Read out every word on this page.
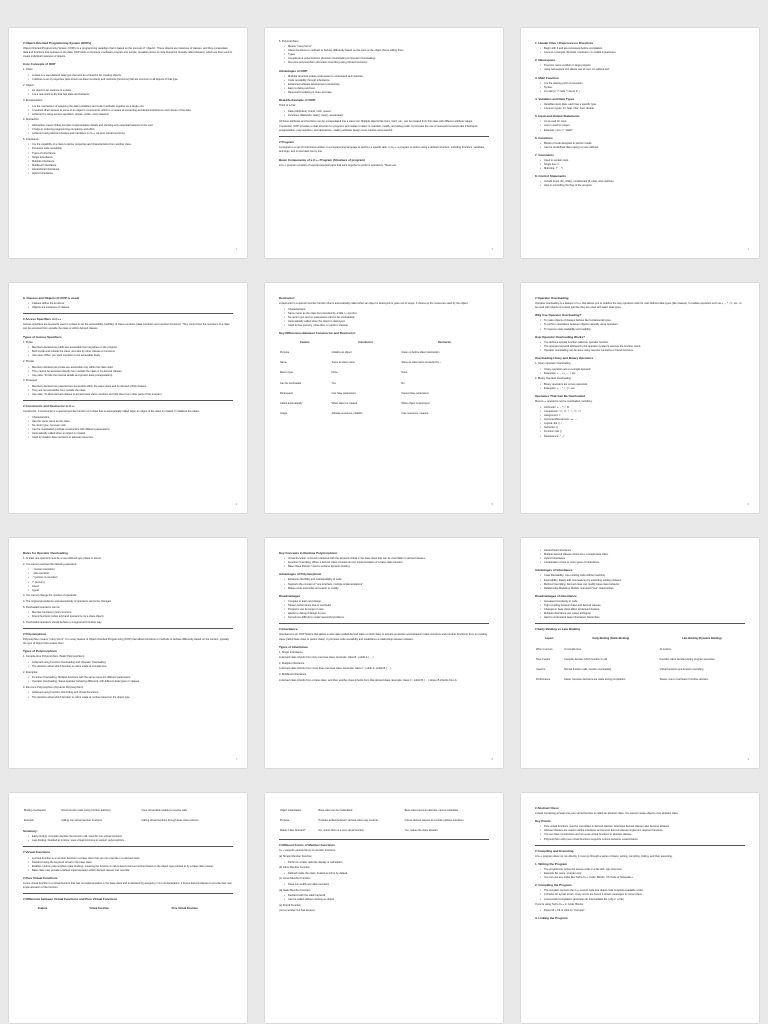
# Object-Oriented Programming System (OOPs)
Object-Oriented Programming System (OOPs) is a programming paradigm that is based on the concept of "objects". These objects are instances of classes, and they encapsulate data and functions that operate on the data. OOP helps to structure a software program into simple, reusable pieces of code blueprints (usually called classes), which are then used to create individual instances of objects.
Core Concepts of OOP
1. Class:
• A class is a user-defined data type that acts as a blueprint for creating objects.
• It defines a set of properties (also known as data members) and methods (functions) that are common to all objects of that type.
2. Object:
• An object is an instance of a class.
• It is a real-world entity that has state and behavior.
3. Encapsulation:
• It is the mechanism of wrapping the data (variables) and code (methods) together as a single unit.
• It restricts direct access to some of an object's components, which is a means of preventing accidental interference and misuse of the data.
• Achieved by using access specifiers: private, public, and protected.
4. Abstraction:
• Abstraction means hiding complex implementation details and showing only essential features to the user.
• It helps in reducing programming complexity and effort.
• Achieved using abstract classes and interfaces (in C++ via pure virtual functions).
5. Inheritance:
• It is the capability of a class to derive properties and characteristics from another class.
• Promotes code reusability.
• Types of Inheritance:
• Single Inheritance
• Multiple Inheritance
• Multilevel Inheritance
• Hierarchical Inheritance
• Hybrid Inheritance
1
6. Polymorphism:
• Means "many forms".
• Allows functions or methods to behave differently based on the input or the object that is calling them.
• Types:
• Compile-time polymorphism (Function Overloading & Operator Overloading)
• Run-time polymorphism (Function Overriding using Virtual Functions)
Advantages of OOP:
• Modular structure makes code easier to understand and maintain.
• Code reusability through inheritance.
• Enhanced software development productivity.
• Easy to debug and test.
• Real-world modeling is more accurate.
Real-life Example of OOP:
Think of a Car:
• Data (Attributes): brand, color, speed
• Functions (Methods): start(), stop(), accelerate()
All these attributes and functions can be encapsulated into a class Car. Multiple objects like Car1, Car2, etc., can be created from this class with different attribute values.
Conclusion: OOP provides a clear structure for programs and makes it easier to maintain, modify, and debug code. It promotes the use of real-world concepts like inheritance, encapsulation, polymorphism, and abstraction, making software design more intuitive and powerful.
# Program
A program is a set of instructions written in a programming language to perform a specific task. In C++, a program is written using a defined structure, including functions, variables, and logic, and is executed line by line.
Basic Components of a C++ Program (Structure of program)
A C++ program consists of several essential parts that work together to perform operations. These are:
2
1. Header Files / Preprocessor Directives
• Begin with # and are processed before compilation.
• Common example: #include <iostream> to enable input/output.
2. Namespace
• Prevents name conflicts in large projects.
• using namespace std; allows use of cout, cin without std::.
3. Main Function
• It is the starting point of execution.
• Syntax:
• int main() { /* code */ return 0; }
4. Variables and Data Types
• Variables store data, each has a specific type.
• Common types: int, float, char, bool, double
5. Input and Output Statements
• cin is used for input
• cout is used for output
• Example: cout << "Hello";
6. Functions
• Blocks of code designed to perform tasks.
• Can be predefined (like main()) or user-defined.
7. Comments
• Used to explain code.
• Single line: //
• Multi-line: /* ... */
8. Control Statements
• Include loops (for, while), conditionals (if, else), and switches.
• Help in controlling the flow of the program.
3
9. Classes and Objects (if OOP is used)
• Classes define the structure.
• Objects are instances of classes.
# Access Specifiers in C++
Access specifiers are keywords used in a class to set the accessibility (visibility) of class members (data members and member functions). They control how the members of a class can be accessed from outside the class or within derived classes.
Types of Access Specifiers
1. Public
• Members declared as public are accessible from anywhere in the program.
• Both inside and outside the class, and also by other classes or functions.
• Use case: When you want members to be accessible freely.
2. Private
• Members declared as private are accessible only within the class itself.
• They cannot be accessed directly from outside the class or by derived classes.
• Use case: To hide the internal details and protect data (encapsulation).
3. Protected
• Members declared as protected are accessible within the same class and by derived (child) classes.
• They are not accessible from outside the class.
• Use case: To allow derived classes to access base class members but hide them from other parts of the program.
# Constructor and Destructor in C++
Constructor: A constructor is a special member function of a class that is automatically called when an object of the class is created. It initializes the object.
• Characteristics:
• Has the same name as the class.
• No return type, not even void.
• Can be overloaded (multiple constructors with different parameters).
• Automatically called when an object is created.
• Used to initialize data members or allocate resources.
4
Destructor:
A destructor is a special member function that is automatically called when an object is destroyed or goes out of scope. It cleans up the resources used by the object.
• Characteristics:
• Same name as the class but preceded by a tilde (~) symbol.
• No return type and no parameters (cannot be overloaded).
• Automatically called when the object is destroyed.
• Used to free memory, close files, or perform cleanup.
Key Differences Between Constructor and Destructor:
Feature	Constructor	Destructor
Purpose	Initialize an object	Clean up before object destruction
Name	Same as class name	Same as class name preceded by ~
Return type	None	None
Can be overloaded	Yes	No
Parameters	Can have parameters	Cannot have parameters
Called automatically	When object is created	When object is destroyed
Usage	Allocate resources, initialize	Free resources, cleanup
5
# Operator Overloading
Operator overloading is a feature in C++ that allows you to redefine the way operators work for user-defined data types (like classes). It enables operators such as +, -, *, ==, etc., to be used with objects of a class just like they are used with basic data types.
Why Use Operator Overloading?
• To make objects of classes behave like fundamental types.
• To perform operations between objects naturally using operators.
• To improve code readability and usability.
How Operator Overloading Works?
• You define a special function called an operator function.
• The operator keyword followed by the operator symbol is used as the function name.
• Operator overloading can be done using member functions or friend functions.
Overloading Unary and Binary Operators
1. Unary Operator Overloading
• Unary operators act on a single operand.
• Examples: +, -, ++, --, !, etc.
2. Binary Operator Overloading
• Binary operators act on two operands.
• Examples: +, -, *, /, ==, etc.
Operators That Can Be Overloaded
Most C++ operators can be overloaded, including:
• Arithmetic: +, -, *, /, %
• Comparison: ==, !=, <, >, <=, >=
• Assignment: =
• Increment/Decrement: ++, --
• Logical: &&, ||, !
• Subscript: []
• Function call: ()
• Dereference: *, ->
6
Rules for Operator Overloading
1. At least one operand must be a user-defined type (class or struct).
2. You cannot overload the following operators:
• :: (scope resolution)
• . (dot operator)
• .* (pointer-to-member)
• ?: (ternary)
• sizeof
• typeid
3. You cannot change the number of operands.
4. The original precedence and associativity of operators cannot be changed.
5. Overloaded operators can be:
• Member functions (most common)
• Friend functions (when left-hand operand is not a class object)
6. Overloaded operators should behave in a logical and intuitive way.
# Polymorphism
Polymorphism means "many forms". It is a key feature of Object-Oriented Programming (OOP) that allows functions or methods to behave differently based on the context, typically the type of object that invokes them.
Types of Polymorphism
1. Compile-time Polymorphism (Static Polymorphism)
• Achieved using Function Overloading and Operator Overloading.
• The decision about which function to call is made at compile time.
2. Examples:
• Function Overloading: Multiple functions with the same name but different parameters.
• Operator Overloading: Same operator behaving differently with different data types or classes.
3. Run-time Polymorphism (Dynamic Polymorphism)
• Achieved using Function Overriding with Virtual Functions.
• The decision about which function to call is made at runtime based on the object type.
7
Key Concepts in Runtime Polymorphism:
• Virtual Function: A function declared with the keyword virtual in the base class that can be overridden in derived classes.
• Function Overriding: When a derived class provides its own implementation of a base class function.
• Base Class Pointer: Used to achieve dynamic binding.
Advantages of Polymorphism
• Enhances flexibility and maintainability of code.
• Supports the concept of "one interface, multiple implementations".
• Makes code extensible and easier to modify.
Disadvantages
• Complex to learn and design.
• Slower performance due to overhead.
• Programs can be longer in size.
• Harder to debug if design is poor.
• Sometimes difficult to model real-world problems.
# Inheritance
Inheritance is an OOP feature that allows a new class (called derived class or child class) to acquire properties and behaviors (data members and member functions) from an existing class (called base class or parent class). It promotes code reusability and establishes a relationship between classes.
Types of Inheritance
1. Single Inheritance
A derived class inherits from only one base class. Example: class B : public A { ... }
2. Multiple Inheritance
A derived class inherits from more than one base class. Example: class C : public A, public B { ... }
3. Multilevel Inheritance
A derived class inherits from a base class, and then another class inherits from that derived class. Example: class C : public B { ... } where B inherits from A.
8
• Hierarchical Inheritance
• Multiple derived classes inherit from a single base class.
• Hybrid Inheritance
• Combination of two or more types of inheritance.
Advantages of Inheritance
• Code Reusability: Use existing code without rewriting.
• Extensibility: Easily add new features by extending existing classes.
• Method Overriding: Derived class can modify base class behavior.
• Relationship Modeling: Models real-world "is-a" relationships.
Disadvantages of Inheritance
• Increased complexity in code.
• Tight coupling between base and derived classes.
• Changes in base class affect all derived classes.
• Multiple inheritance can cause ambiguity.
• Hard to understand deep inheritance hierarchies.
# Early Binding vs Late Binding
Aspect	Early Binding (Static Binding)	Late Binding (Dynamic Binding)
When it occurs	At compile time	At runtime
How it works	Compiler decides which function to call	Function call is decided during program execution
Used for	Normal function calls, function overloading	Virtual functions and function overriding
Performance	Faster, because decisions are made during compilation	Slower, due to overhead of runtime decision
9
Binding mechanism	Direct function calls (using function address)	Uses virtual table (vtable) to resolve calls
Example	Calling non-virtual member functions	Calling virtual functions through base class pointers
Summary:
• Early binding: Compiler decides the function call; used for non-virtual functions.
• Late binding: Decided at runtime; uses virtual functions to support polymorphism.
# Virtual Functions
• A virtual function is a member function in a base class that you can override in a derived class.
• Declared using the keyword virtual in the base class.
• Enables runtime polymorphism (late binding), meaning the function to call is determined at runtime based on the object type pointed to by a base class pointer.
• Base class may provide a default implementation which derived classes can override.
# Pure Virtual Functions
A pure virtual function is a virtual function that has no implementation in the base class and is declared by assigning = 0 in its declaration. It forces derived classes to provide their own implementation of the function.
# Difference between Virtual Functions and Pure Virtual Functions
Feature	Virtual Function	Pure Virtual Function
Object instantiation	Base class can be instantiated	Base class becomes abstract; cannot instantiate
Purpose	Provides default behavior; derived class may override	Forces derived classes to override (defines interface)
Makes Class Abstract?	No, unless there is a pure virtual function	Yes, makes the class abstract
# Different Forms of Member Functions
C++ supports various forms of member functions:
(a) Simple Member Function
• Performs a basic task like display or calculation.
(b) Inline Member Function
• Defined inside the class; treated as inline by default.
(c) Const Member Function
• Does not modify any data members.
(d) Static Member Function
• Declared with the static keyword.
• Can be called without creating an object.
(e) Friend Function
(not a member but has access)
# Abstract Class:
A class containing at least one pure virtual function is called an abstract class. You cannot create objects of an abstract class.
Key Points:
• Pure virtual functions must be overridden in derived classes, otherwise derived classes also become abstract.
• Abstract classes are used to define interfaces and ensure derived classes implement required functions.
• You can have constructors and non-pure virtual functions in abstract classes.
• Polymorphism with pure virtual functions supports runtime behavior customization.
# Compiling and Executing
A C++ program does not run directly. It must go through a series of steps: writing, compiling, linking, and then executing.
1. Writing the Program
• The programmer writes the source code in a file with .cpp extension.
• Example file name: program.cpp
• You can use any editor like Turbo C++, Code::Blocks, VS Code or Notepad++.
2. Compiling the Program
• The compiler converts the C++ source code into object code (machine-readable code).
• It checks for syntax errors. If any errors are found, it shows messages to correct them.
• A successful compilation generates an intermediate file (.obj or .o file).
If you're using Turbo C++ or Code::Blocks:
• Press Alt + F9 or click on "Compile".
3. Linking the Program
